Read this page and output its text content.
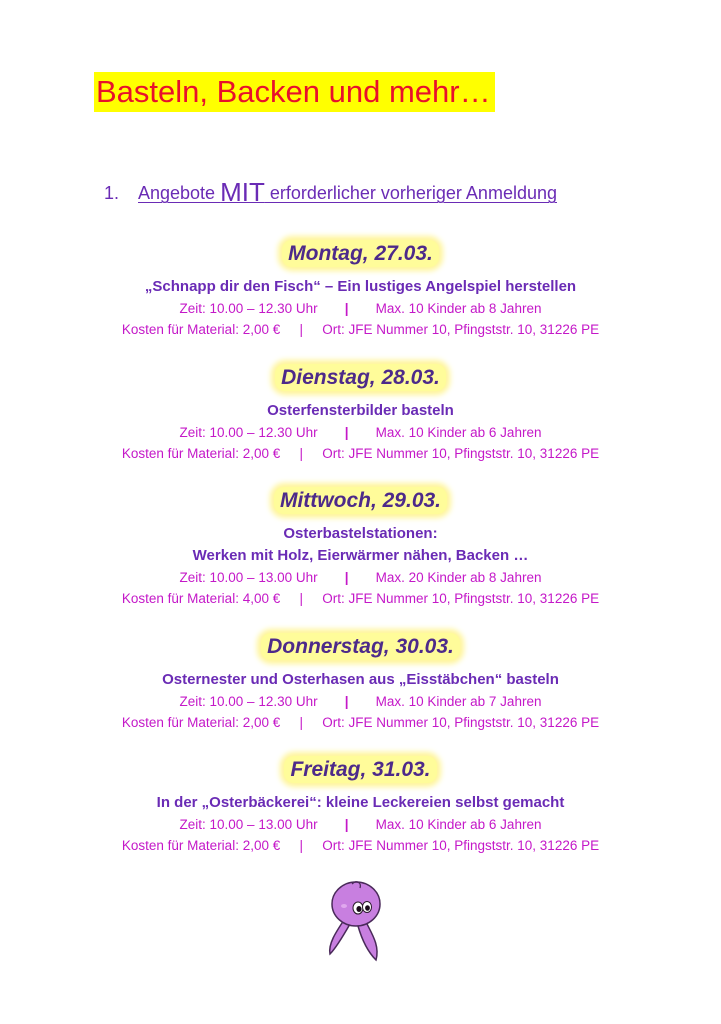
Basteln, Backen und mehr…
1. Angebote MIT erforderlicher vorheriger Anmeldung
Montag, 27.03.
„Schnapp dir den Fisch“ – Ein lustiges Angelspiel herstellen
Zeit: 10.00 – 12.30 Uhr | Max. 10 Kinder ab 8 Jahren
Kosten für Material: 2,00 € | Ort: JFE Nummer 10, Pfingststr. 10, 31226 PE
Dienstag, 28.03.
Osterfensterbilder basteln
Zeit: 10.00 – 12.30 Uhr | Max. 10 Kinder ab 6 Jahren
Kosten für Material: 2,00 € | Ort: JFE Nummer 10, Pfingststr. 10, 31226 PE
Mittwoch, 29.03.
Osterbastelstationen:
Werken mit Holz, Eierwärmer nähen, Backen …
Zeit: 10.00 – 13.00 Uhr | Max. 20 Kinder ab 8 Jahren
Kosten für Material: 4,00 € | Ort: JFE Nummer 10, Pfingststr. 10, 31226 PE
Donnerstag, 30.03.
Osternester und Osterhasen aus „Eisstäbchen“ basteln
Zeit: 10.00 – 12.30 Uhr | Max. 10 Kinder ab 7 Jahren
Kosten für Material: 2,00 € | Ort: JFE Nummer 10, Pfingststr. 10, 31226 PE
Freitag, 31.03.
In der „Osterbäckerei“: kleine Leckereien selbst gemacht
Zeit: 10.00 – 13.00 Uhr | Max. 10 Kinder ab 6 Jahren
Kosten für Material: 2,00 € | Ort: JFE Nummer 10, Pfingststr. 10, 31226 PE
